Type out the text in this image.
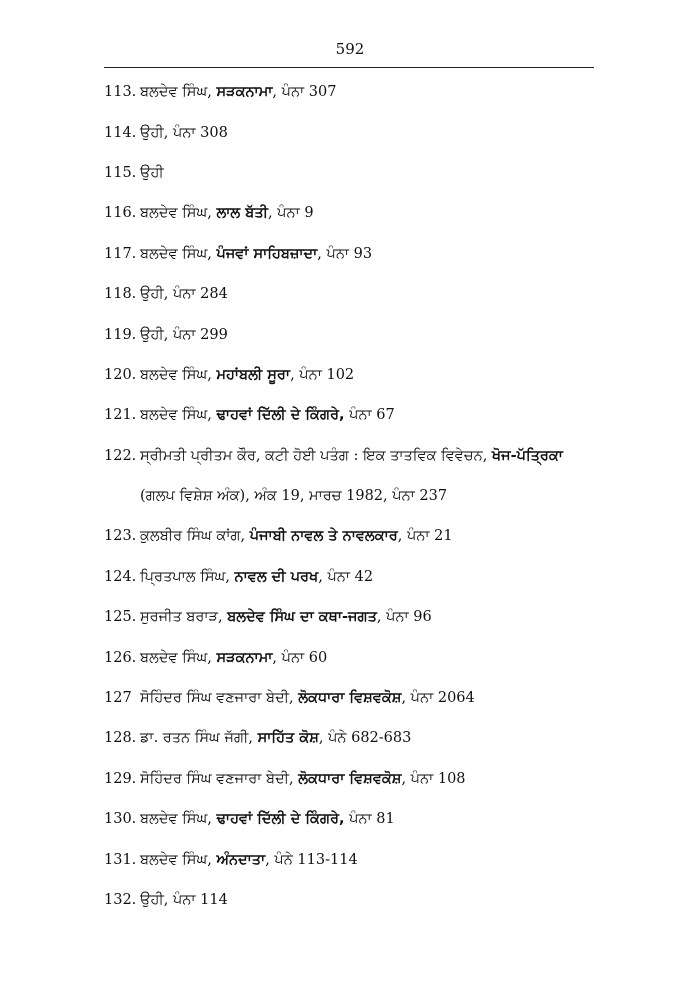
592
113. ਬਲਦੇਵ ਸਿੰਘ, ਸੜਕਨਾਮਾ , ਪੰਨਾ 307
114. ਉਹੀ, ਪੰਨਾ 308
115. ਉਹੀ
116. ਬਲਦੇਵ ਸਿੰਘ, ਲਾਲ ਬੱਤੀ , ਪੰਨਾ 9
117. ਬਲਦੇਵ ਸਿੰਘ, ਪੰਜਵਾਂ ਸਾਹਿਬਜ਼ਾਦਾ , ਪੰਨਾ 93
118. ਉਹੀ, ਪੰਨਾ 284
119. ਉਹੀ, ਪੰਨਾ 299
120. ਬਲਦੇਵ ਸਿੰਘ, ਮਹਾਂਬਲੀ ਸੂਰਾ , ਪੰਨਾ 102
121. ਬਲਦੇਵ ਸਿੰਘ, ਢਾਹਵਾਂ ਦਿੱਲੀ ਦੇ ਕਿੰਗਰੇ, ਪੰਨਾ 67
122. ਸ੍ਰੀਮਤੀ ਪ੍ਰੀਤਮ ਕੌਰ, ਕਟੀ ਹੋਈ ਪਤੰਗ : ਇਕ ਤਾਤਵਿਕ ਵਿਵੇਚਨ, ਖੋਜ-ਪੱਤ੍ਰਿਕਾ
(ਗਲਪ ਵਿਸ਼ੇਸ਼ ਅੰਕ), ਅੰਕ 19, ਮਾਰਚ 1982, ਪੰਨਾ 237
123. ਕੁਲਬੀਰ ਸਿੰਘ ਕਾਂਗ, ਪੰਜਾਬੀ ਨਾਵਲ ਤੇ ਨਾਵਲਕਾਰ , ਪੰਨਾ 21
124. ਪ੍ਰਿਤਪਾਲ ਸਿੰਘ, ਨਾਵਲ ਦੀ ਪਰਖ , ਪੰਨਾ 42
125. ਸੁਰਜੀਤ ਬਰਾੜ, ਬਲਦੇਵ ਸਿੰਘ ਦਾ ਕਥਾ-ਜਗਤ , ਪੰਨਾ 96
126. ਬਲਦੇਵ ਸਿੰਘ, ਸੜਕਨਾਮਾ , ਪੰਨਾ 60
127 ਸੋਹਿੰਦਰ ਸਿੰਘ ਵਣਜਾਰਾ ਬੇਦੀ, ਲੋਕਧਾਰਾ ਵਿਸ਼ਵਕੋਸ਼ , ਪੰਨਾ 2064
128. ਡਾ. ਰਤਨ ਸਿੰਘ ਜੱਗੀ, ਸਾਹਿੱਤ ਕੋਸ਼ , ਪੰਨੇ 682-683
129. ਸੋਹਿੰਦਰ ਸਿੰਘ ਵਣਜਾਰਾ ਬੇਦੀ, ਲੋਕਧਾਰਾ ਵਿਸ਼ਵਕੋਸ਼ , ਪੰਨਾ 108
130. ਬਲਦੇਵ ਸਿੰਘ, ਢਾਹਵਾਂ ਦਿੱਲੀ ਦੇ ਕਿੰਗਰੇ, ਪੰਨਾ 81
131. ਬਲਦੇਵ ਸਿੰਘ, ਅੰਨਦਾਤਾ , ਪੰਨੇ 113-114
132. ਉਹੀ, ਪੰਨਾ 114
